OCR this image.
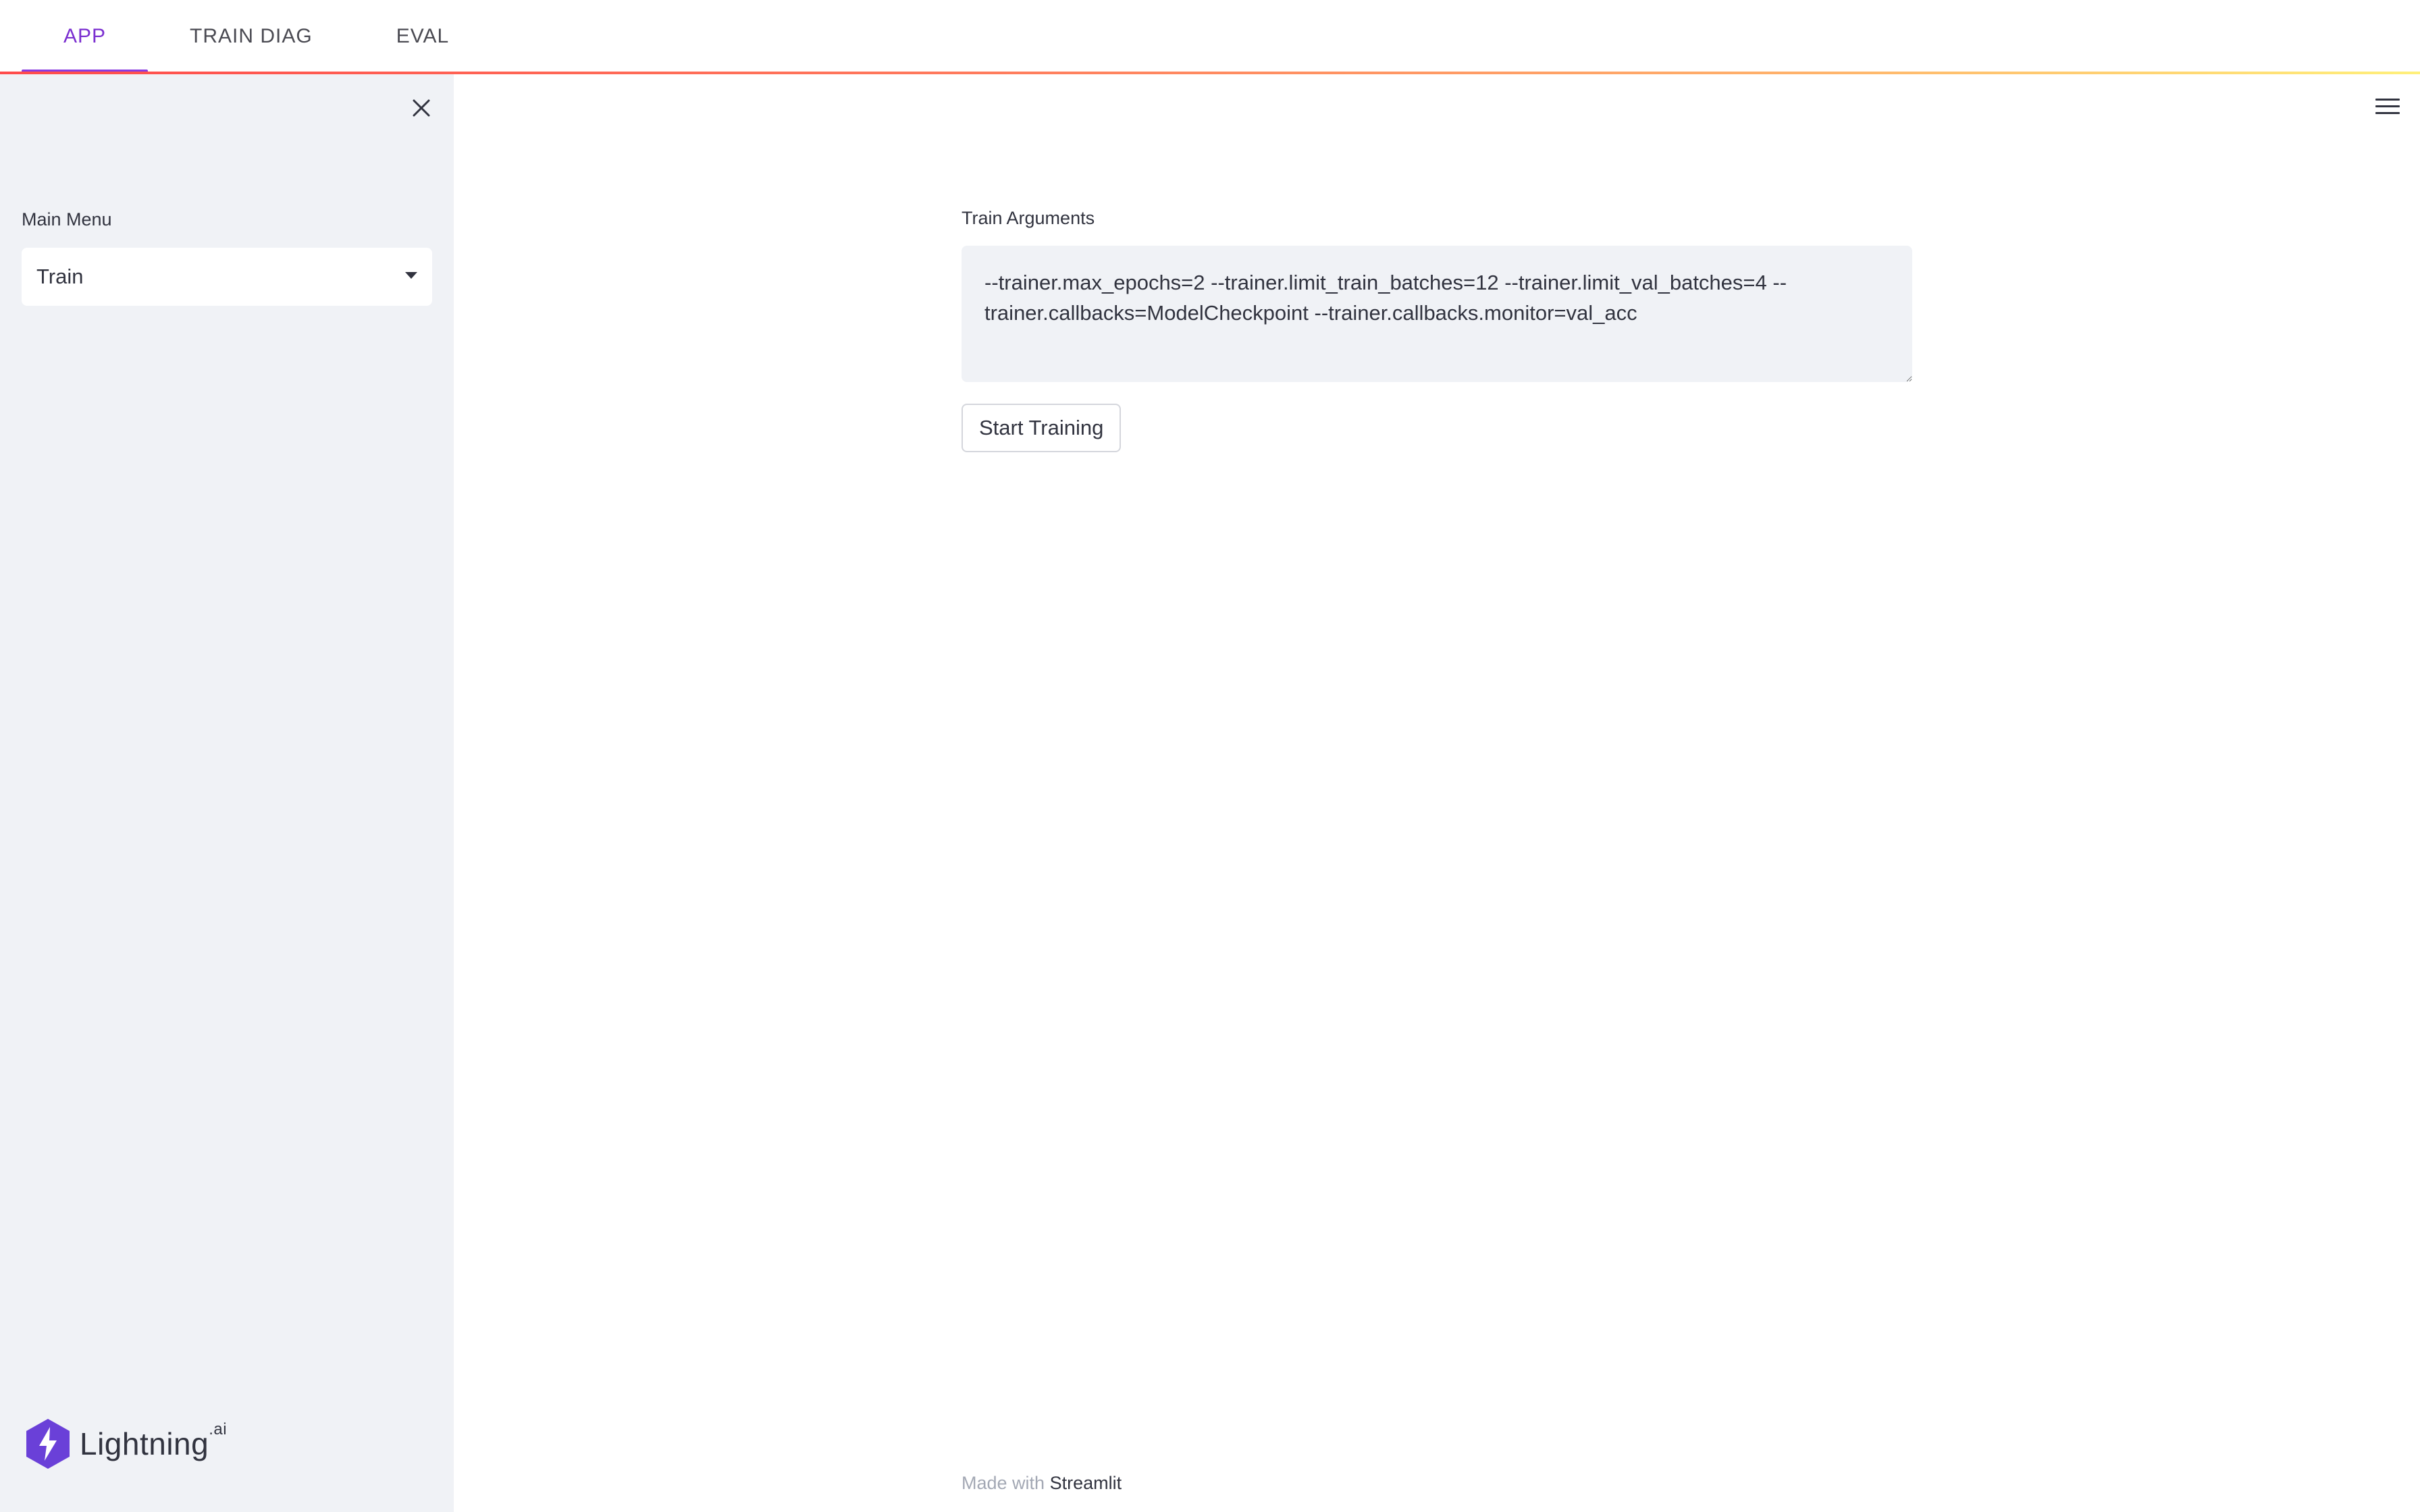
APP	TRAIN DIAG	EVAL
Main Menu
Train
Lightning$^{.ai}$
Train Arguments
--trainer.max_epochs=2 --trainer.limit_train_batches=12 --trainer.limit_val_batches=4 --trainer.callbacks=ModelCheckpoint --trainer.callbacks.monitor=val_acc
Start Training
Made with Streamlit
